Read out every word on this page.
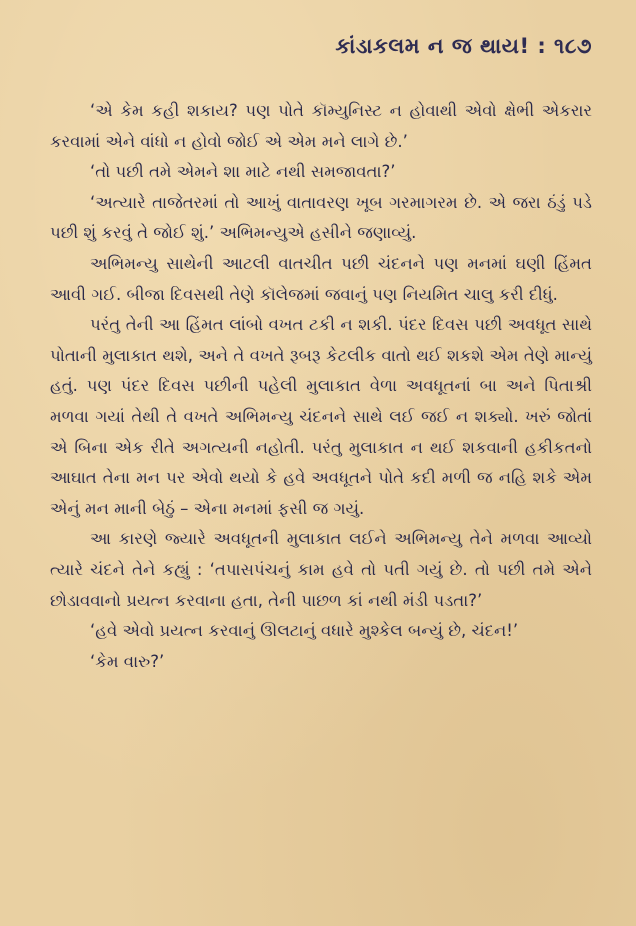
કાંડાકલમ ન જ થાય! : ૧૮૭

‘એ કેમ કહી શકાય? પણ પોતે કૉમ્યુનિસ્ટ ન હોવાથી એવો ક્ષેભી એકરાર કરવામાં એને વાંધો ન હોવો જોઈ એ એમ મને લાગે છે.’

‘તો પછી તમે એમને શા માટે નથી સમજાવતા?’

‘અત્યારે તાજેતરમાં તો આખું વાતાવરણ ખૂબ ગરમાગરમ છે. એ જરા ઠંડું પડે પછી શું કરવું તે જોઈ શું.’ અભિમન્યુએ હસીને જણાવ્યું.

અભિમન્યુ સાથેની આટલી વાતચીત પછી ચંદનને પણ મનમાં ઘણી હિંમત આવી ગઈ. બીજા દિવસથી તેણે કૉલેજમાં જવાનું પણ નિયમિત ચાલુ કરી દીધું.

પરંતુ તેની આ હિંમત લાંબો વખત ટકી ન શકી. પંદર દિવસ પછી અવધૂત સાથે પોતાની મુલાકાત થશે, અને તે વખતે રૂબરૂ કેટલીક વાતો થઈ શકશે એમ તેણે માન્યું હતું. પણ પંદર દિવસ પછીની પહેલી મુલાકાત વેળા અવધૂતનાં બા અને પિતાશ્રી મળવા ગયાં તેથી તે વખતે અભિમન્યુ ચંદનને સાથે લઈ જઈ ન શક્યો. ખરું જોતાં એ બિના એક રીતે અગત્યની નહોતી. પરંતુ મુલાકાત ન થઈ શકવાની હકીકતનો આઘાત તેના મન પર એવો થયો કે હવે અવધૂતને પોતે કદી મળી જ નહિ શકે એમ એનું મન માની બેઠું – એના મનમાં ફસી જ ગયું.

આ કારણે જ્યારે અવધૂતની મુલાકાત લઈને અભિમન્યુ તેને મળવા આવ્યો ત્યારે ચંદને તેને કહ્યું : ‘તપાસપંચનું કામ હવે તો પતી ગયું છે. તો પછી તમે એને છોડાવવાનો પ્રયત્ન કરવાના હતા, તેની પાછળ કાં નથી મંડી પડતા?’

‘હવે એવો પ્રયત્ન કરવાનું ઊલટાનું વધારે મુશ્કેલ બન્યું છે, ચંદન!’

‘કેમ વારુ?’
